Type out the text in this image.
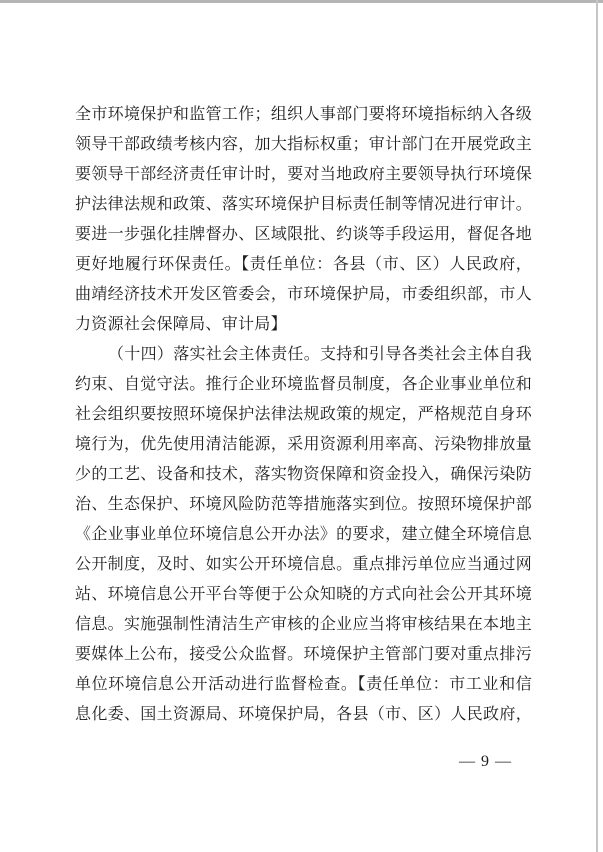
全市环境保护和监管工作；组织人事部门要将环境指标纳入各级
领导干部政绩考核内容，加大指标权重；审计部门在开展党政主
要领导干部经济责任审计时，要对当地政府主要领导执行环境保
护法律法规和政策、落实环境保护目标责任制等情况进行审计。
要进一步强化挂牌督办、区域限批、约谈等手段运用，督促各地
更好地履行环保责任。【责任单位：各县（市、区）人民政府，
曲靖经济技术开发区管委会，市环境保护局，市委组织部，市人
力资源社会保障局、审计局】
（十四）落实社会主体责任。支持和引导各类社会主体自我
约束、自觉守法。推行企业环境监督员制度，各企业事业单位和
社会组织要按照环境保护法律法规政策的规定，严格规范自身环
境行为，优先使用清洁能源，采用资源利用率高、污染物排放量
少的工艺、设备和技术，落实物资保障和资金投入，确保污染防
治、生态保护、环境风险防范等措施落实到位。按照环境保护部
《企业事业单位环境信息公开办法》的要求，建立健全环境信息
公开制度，及时、如实公开环境信息。重点排污单位应当通过网
站、环境信息公开平台等便于公众知晓的方式向社会公开其环境
信息。实施强制性清洁生产审核的企业应当将审核结果在本地主
要媒体上公布，接受公众监督。环境保护主管部门要对重点排污
单位环境信息公开活动进行监督检查。【责任单位：市工业和信
息化委、国土资源局、环境保护局，各县（市、区）人民政府，
— 9 —
